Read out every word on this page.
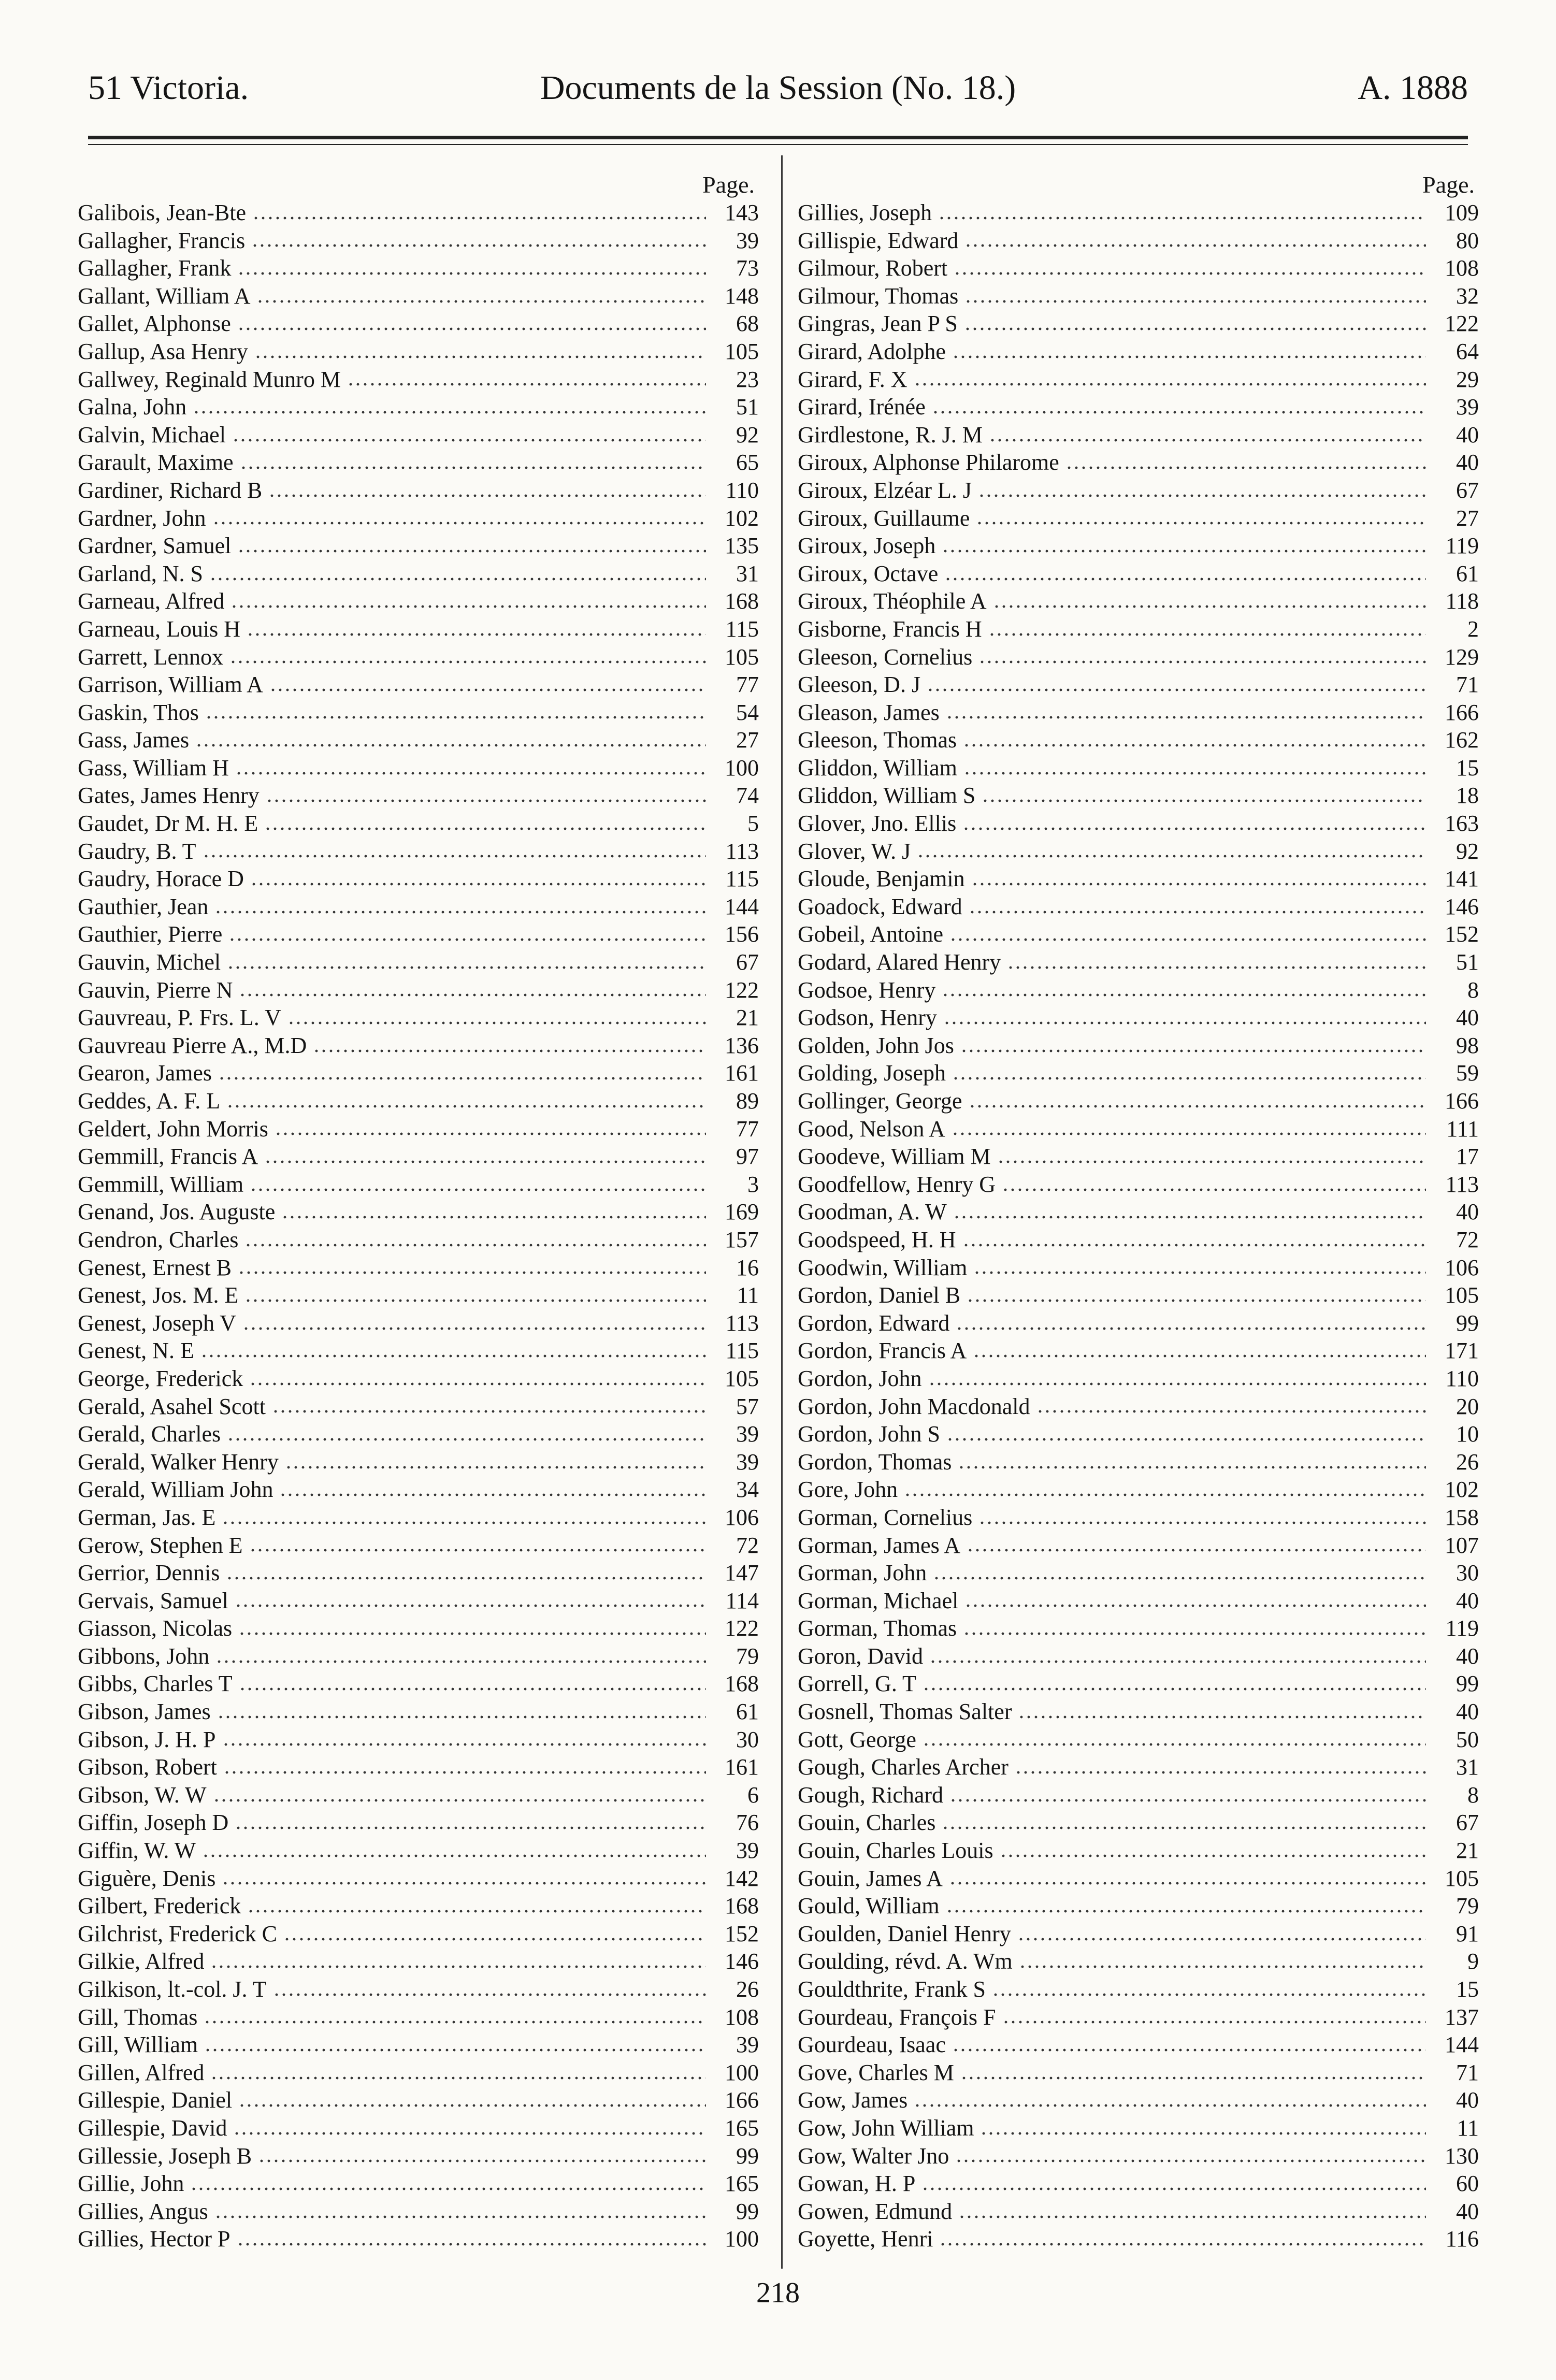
51 Victoria.	Documents de la Session (No. 18.)	A. 1888
Page.
Galibois, Jean-Bte	143
Gallagher, Francis	39
Gallagher, Frank	73
Gallant, William A	148
Gallet, Alphonse	68
Gallup, Asa Henry	105
Gallwey, Reginald Munro M	23
Galna, John	51
Galvin, Michael	92
Garault, Maxime	65
Gardiner, Richard B	110
Gardner, John	102
Gardner, Samuel	135
Garland, N. S	31
Garneau, Alfred	168
Garneau, Louis H	115
Garrett, Lennox	105
Garrison, William A	77
Gaskin, Thos	54
Gass, James	27
Gass, William H	100
Gates, James Henry	74
Gaudet, Dr M. H. E	5
Gaudry, B. T	113
Gaudry, Horace D	115
Gauthier, Jean	144
Gauthier, Pierre	156
Gauvin, Michel	67
Gauvin, Pierre N	122
Gauvreau, P. Frs. L. V	21
Gauvreau Pierre A., M.D	136
Gearon, James	161
Geddes, A. F. L	89
Geldert, John Morris	77
Gemmill, Francis A	97
Gemmill, William	3
Genand, Jos. Auguste	169
Gendron, Charles	157
Genest, Ernest B	16
Genest, Jos. M. E	11
Genest, Joseph V	113
Genest, N. E	115
George, Frederick	105
Gerald, Asahel Scott	57
Gerald, Charles	39
Gerald, Walker Henry	39
Gerald, William John	34
German, Jas. E	106
Gerow, Stephen E	72
Gerrior, Dennis	147
Gervais, Samuel	114
Giasson, Nicolas	122
Gibbons, John	79
Gibbs, Charles T	168
Gibson, James	61
Gibson, J. H. P	30
Gibson, Robert	161
Gibson, W. W	6
Giffin, Joseph D	76
Giffin, W. W	39
Giguère, Denis	142
Gilbert, Frederick	168
Gilchrist, Frederick C	152
Gilkie, Alfred	146
Gilkison, lt.-col. J. T	26
Gill, Thomas	108
Gill, William	39
Gillen, Alfred	100
Gillespie, Daniel	166
Gillespie, David	165
Gillessie, Joseph B	99
Gillie, John	165
Gillies, Angus	99
Gillies, Hector P	100
Page.
Gillies, Joseph	109
Gillispie, Edward	80
Gilmour, Robert	108
Gilmour, Thomas	32
Gingras, Jean P S	122
Girard, Adolphe	64
Girard, F. X	29
Girard, Irénée	39
Girdlestone, R. J. M	40
Giroux, Alphonse Philarome	40
Giroux, Elzéar L. J	67
Giroux, Guillaume	27
Giroux, Joseph	119
Giroux, Octave	61
Giroux, Théophile A	118
Gisborne, Francis H	2
Gleeson, Cornelius	129
Gleeson, D. J	71
Gleason, James	166
Gleeson, Thomas	162
Gliddon, William	15
Gliddon, William S	18
Glover, Jno. Ellis	163
Glover, W. J	92
Gloude, Benjamin	141
Goadock, Edward	146
Gobeil, Antoine	152
Godard, Alared Henry	51
Godsoe, Henry	8
Godson, Henry	40
Golden, John Jos	98
Golding, Joseph	59
Gollinger, George	166
Good, Nelson A	111
Goodeve, William M	17
Goodfellow, Henry G	113
Goodman, A. W	40
Goodspeed, H. H	72
Goodwin, William	106
Gordon, Daniel B	105
Gordon, Edward	99
Gordon, Francis A	171
Gordon, John	110
Gordon, John Macdonald	20
Gordon, John S	10
Gordon, Thomas	26
Gore, John	102
Gorman, Cornelius	158
Gorman, James A	107
Gorman, John	30
Gorman, Michael	40
Gorman, Thomas	119
Goron, David	40
Gorrell, G. T	99
Gosnell, Thomas Salter	40
Gott, George	50
Gough, Charles Archer	31
Gough, Richard	8
Gouin, Charles	67
Gouin, Charles Louis	21
Gouin, James A	105
Gould, William	79
Goulden, Daniel Henry	91
Goulding, révd. A. Wm	9
Gouldthrite, Frank S	15
Gourdeau, François F	137
Gourdeau, Isaac	144
Gove, Charles M	71
Gow, James	40
Gow, John William	11
Gow, Walter Jno	130
Gowan, H. P	60
Gowen, Edmund	40
Goyette, Henri	116
218
